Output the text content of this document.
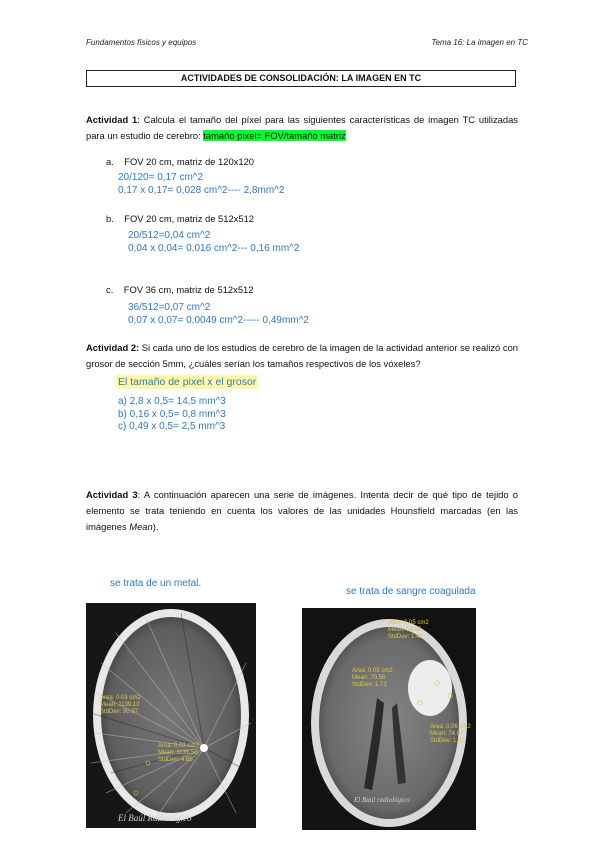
Fundamentos físicos y equipos	Tema 16: La imagen en TC
ACTIVIDADES DE CONSOLIDACIÓN: LA IMAGEN EN TC
Actividad 1: Calcula el tamaño del píxel para las siguientes características de imagen TC utilizadas para un estudio de cerebro: tamaño pixel= FOV/tamaño matriz
a. FOV 20 cm, matriz de 120x120
20/120= 0,17 cm^2
0,17 x 0,17= 0,028 cm^2---- 2,8mm^2
b. FOV 20 cm, matriz de 512x512
20/512=0,04 cm^2
0,04 x 0,04= 0,016 cm^2--- 0,16 mm^2
c. FOV 36 cm, matriz de 512x512
36/512=0,07 cm^2
0,07 x 0,07= 0,0049 cm^2----- 0,49mm^2
Actividad 2: Si cada uno de los estudios de cerebro de la imagen de la actividad anterior se realizó con grosor de sección 5mm, ¿cuáles serían los tamaños respectivos de los vóxeles?
El tamaño de pixel x el grosor
a) 2,8 x 0,5= 14,5 mm^3
b) 0,16 x 0,5= 0,8 mm^3
c) 0,49 x 0,5= 2,5 mm^3
Actividad 3: A continuación aparecen una serie de imágenes. Intenta decir de qué tipo de tejido o elemento se trata teniendo en cuenta los valores de las unidades Hounsfield marcadas (en las imágenes Mean).
se trata de un metal.
se trata de sangre coagulada
Area: 0.03 cm2
Mean: 1139.10
StdDev: 90.97
Area: 0.03 cm2
Mean: 1139.50
StdDev: 4.65
El Baúl Radiológico
Area: 0.05 cm2
Mean: 59.06
StdDev: 1.43
Area: 0.05 cm2
Mean: 70.56
StdDev: 1.73
Area: 0.06 cm2
Mean: 74.07
StdDev: 1.41
El Baúl radiológico
